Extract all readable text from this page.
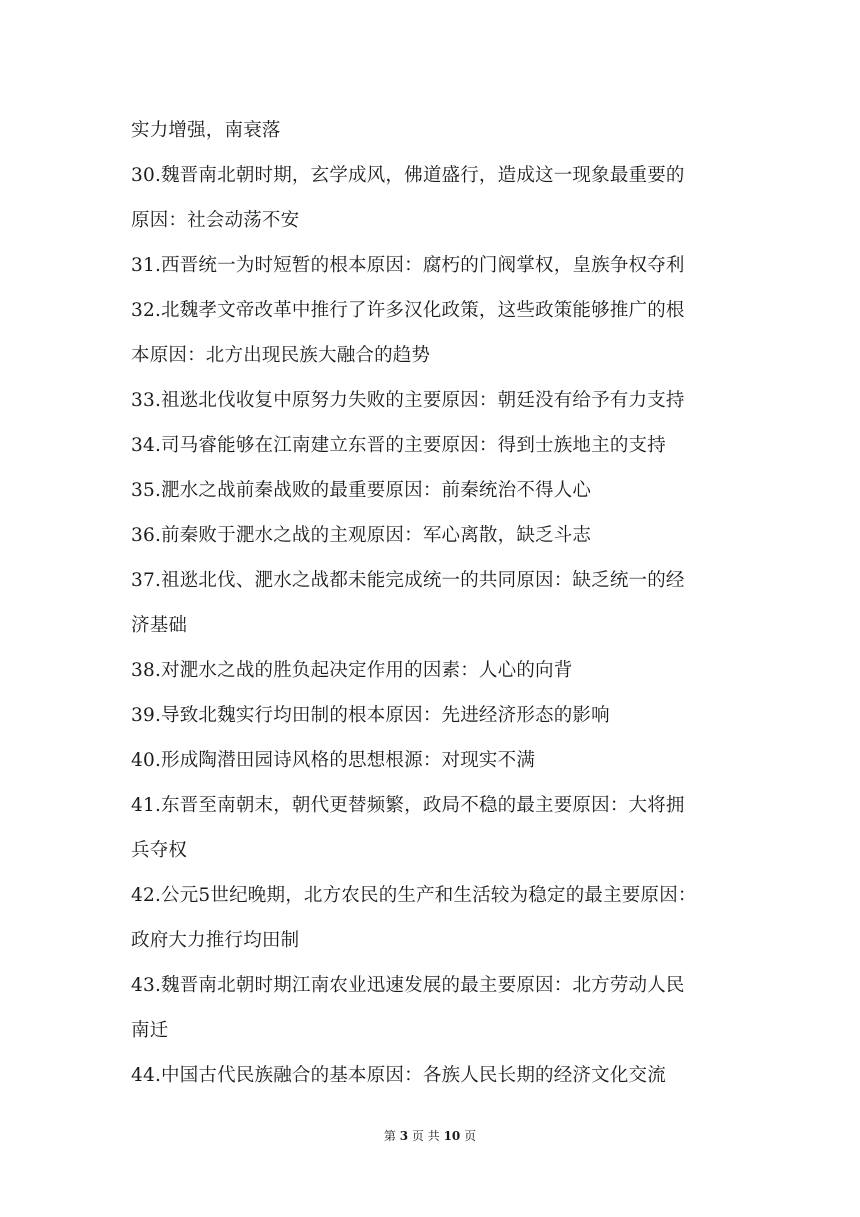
实力增强，南衰落
30.魏晋南北朝时期，玄学成风，佛道盛行，造成这一现象最重要的
原因：社会动荡不安
31.西晋统一为时短暂的根本原因：腐朽的门阀掌权，皇族争权夺利
32.北魏孝文帝改革中推行了许多汉化政策，这些政策能够推广的根
本原因：北方出现民族大融合的趋势
33.祖逖北伐收复中原努力失败的主要原因：朝廷没有给予有力支持
34.司马睿能够在江南建立东晋的主要原因：得到士族地主的支持
35.淝水之战前秦战败的最重要原因：前秦统治不得人心
36.前秦败于淝水之战的主观原因：军心离散，缺乏斗志
37.祖逖北伐、淝水之战都未能完成统一的共同原因：缺乏统一的经
济基础
38.对淝水之战的胜负起决定作用的因素：人心的向背
39.导致北魏实行均田制的根本原因：先进经济形态的影响
40.形成陶潜田园诗风格的思想根源：对现实不满
41.东晋至南朝末，朝代更替频繁，政局不稳的最主要原因：大将拥
兵夺权
42.公元5世纪晚期，北方农民的生产和生活较为稳定的最主要原因：
政府大力推行均田制
43.魏晋南北朝时期江南农业迅速发展的最主要原因：北方劳动人民
南迁
44.中国古代民族融合的基本原因：各族人民长期的经济文化交流
第 3 页 共 10 页
